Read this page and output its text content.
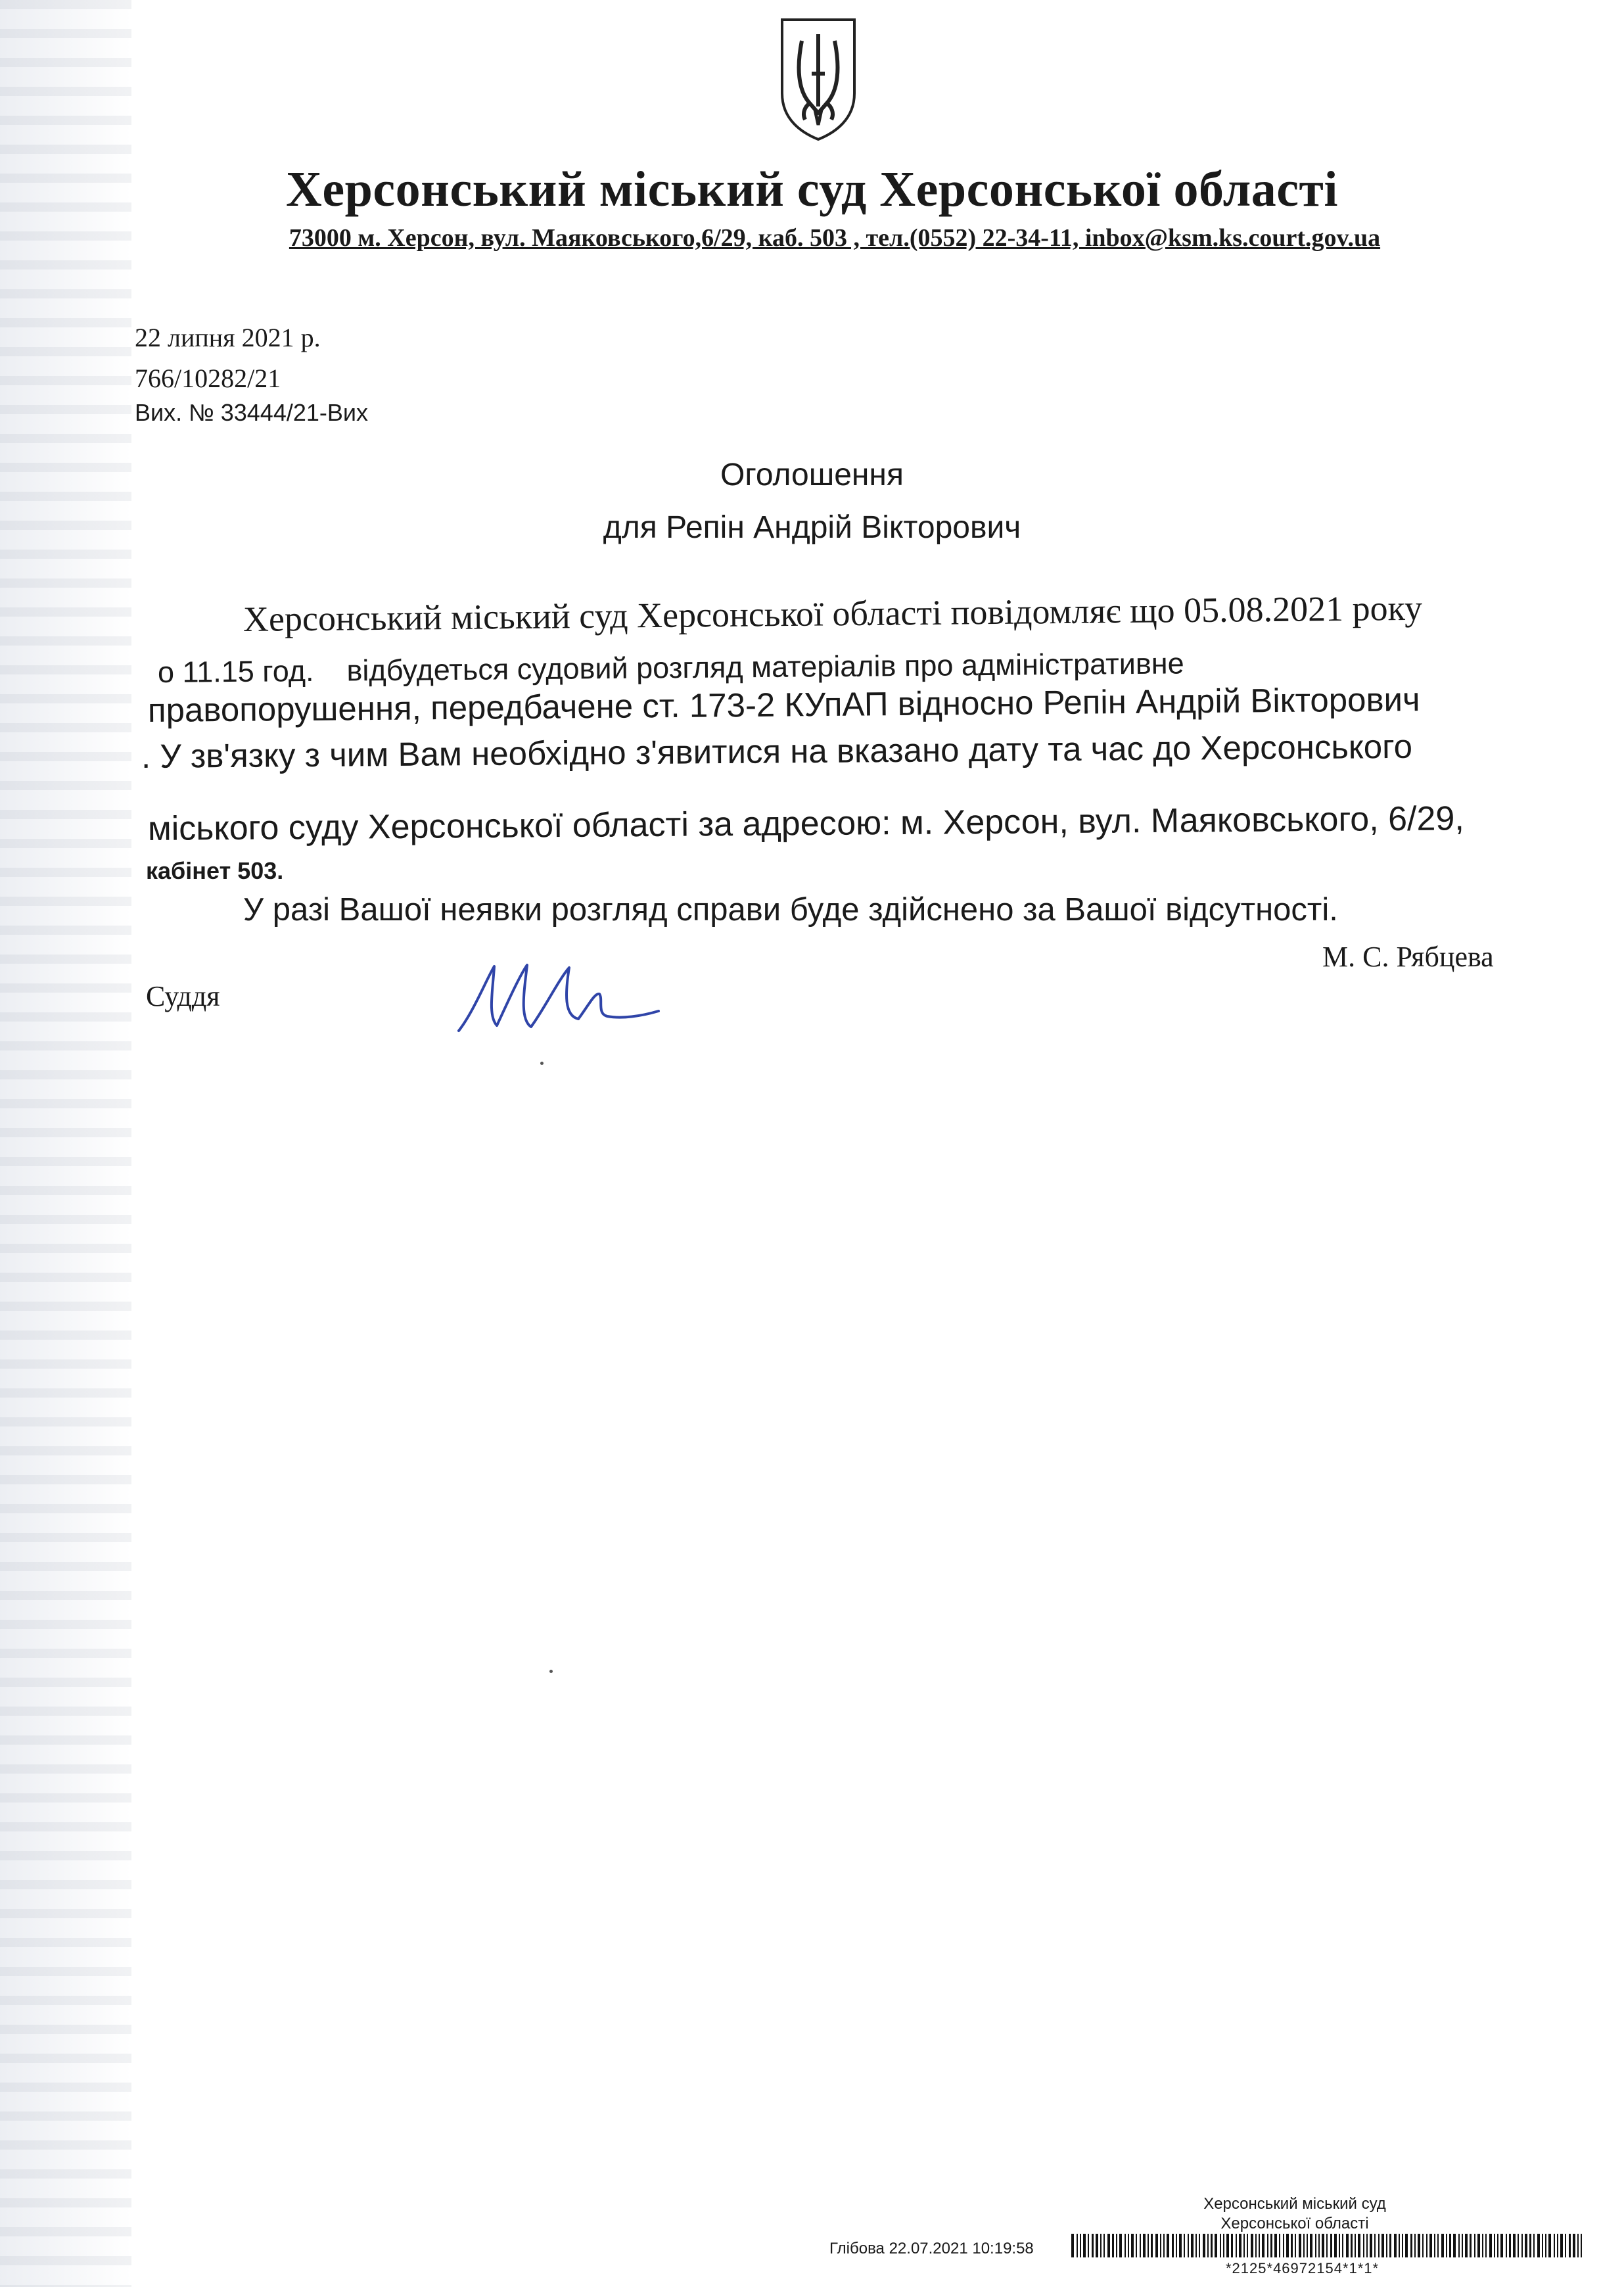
Херсонський міський суд Херсонської області
73000 м. Херсон, вул. Маяковського,6/29, каб. 503 , тел.(0552) 22-34-11, inbox@ksm.ks.court.gov.ua
22 липня 2021 р.
766/10282/21
Вих. № 33444/21-Вих
Оголошення
для Репін Андрій Вікторович
Херсонський міський суд Херсонської області повідомляє що 05.08.2021 року
о 11.15 год. відбудеться судовий розгляд матеріалів про адміністративне
правопорушення, передбачене ст. 173-2 КУпАП відносно Репін Андрій Вікторович
. У зв'язку з чим Вам необхідно з'явитися на вказано дату та час до Херсонського
міського суду Херсонської області за адресою: м. Херсон, вул. Маяковського, 6/29,
кабінет 503.
У разі Вашої неявки розгляд справи буде здійснено за Вашої відсутності.
Суддя
М. С. Рябцева
Херсонський міський суд
Херсонської області
Глібова 22.07.2021 10:19:58
*2125*46972154*1*1*
